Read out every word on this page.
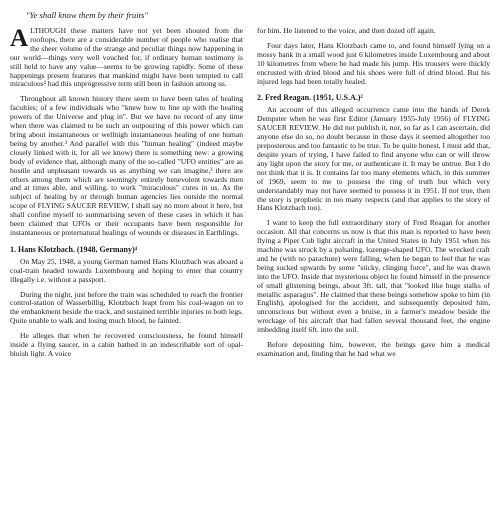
"Ye shall know them by their fruits"

ALTHOUGH these matters have not yet been shouted from the rooftops, there are a considerable number of people who realise that the sheer volume of the strange and peculiar things now happening in our world—things very well vouched for, if ordinary human testimony is still held to have any value—seems to be growing rapidly. Some of these happenings present features that mankind might have been tempted to call miraculous² had this unprogressive term still been in fashion among us.

Throughout all known history there seem to have been tales of healing faculties; of a few individuals who "knew how to line up with the healing powers of the Universe and plug in". But we have no record of any time when there was claimed to be such an outpouring of this power which can bring about instantaneous or wellnigh instantaneous healing of one human being by another.³ And parallel with this "human healing" (indeed maybe closely linked with it, for all we know) there is something new: a growing body of evidence that, although many of the so-called "UFO entities" are as hostile and unpleasant towards us as anything we can imagine,³ there are others among them which are seemingly entirely benevolent towards men and at times able, and willing, to work "miraculous" cures in us. As the subject of healing by or through human agencies lies outside the normal scope of FLYING SAUCER REVIEW, I shall say no more about it here, but shall confine myself to summarising seven of these cases in which it has been claimed that UFOs or their occupants have been responsible for instantaneous or preternatural healings of wounds or diseases in Earthlings.

1. Hans Klotzbach. (1948, Germany)⁴

On May 25, 1948, a young German named Hans Klotzbach was aboard a coal-train headed towards Luxembourg and hoping to enter that country illegally i.e. without a passport.

During the night, just before the train was scheduled to reach the frontier control-station of Wasserbillig, Klotzbach leapt from his coal-wagon on to the embankment beside the track, and sustained terrible injuries to both legs. Quite unable to walk and losing much blood, he fainted.

He alleges that when he recovered consciousness, he found himself inside a flying saucer, in a cabin bathed in an indescribable sort of opal-bluish light. A voice

for him. He listened to the voice, and then dozed off again.

Four days later, Hans Klotzbach came to, and found himself lying on a mossy bank in a small wood just 6 kilometres inside Luxembourg and about 10 kilometres from where he had made his jump. His trousers were thickly encrusted with dried blood and his shoes were full of dried blood. But his injured legs had been totally healed.

2. Fred Reagan. (1951, U.S.A.)²

An account of this alleged occurrence came into the hands of Derek Dempster when he was first Editor (January 1955-July 1956) of FLYING SAUCER REVIEW. He did not publish it, nor, so far as I can ascertain, did anyone else do so, no doubt because in those days it seemed altogether too preposterous and too fantastic to be true. To be quite honest, I must add that, despite years of trying, I have failed to find anyone who can or will throw any light upon the story for me, or authenticate it. It may be untrue. But I do not think that it is. It contains far too many elements which, in this summer of 1969, seem to me to possess the ring of truth but which very understandably may not have seemed to possess it in 1951. If not true, then the story is prophetic in too many respects (and that applies to the story of Hans Klotzbach too).

I want to keep the full extraordinary story of Fred Reagan for another occasion. All that concerns us now is that this man is reported to have been flying a Piper Cub light aircraft in the United States in July 1951 when his machine was struck by a pulsating, lozenge-shaped UFO. The wrecked craft and he (with no parachute) were falling, when he began to feel that he was being sucked upwards by some "sticky, clinging force", and he was drawn into the UFO. Inside that mysterious object he found himself in the presence of small glistening beings, about 3ft. tall, that "looked like huge stalks of metallic asparagus". He claimed that these beings somehow spoke to him (in English), apologised for the accident, and subsequently deposited him, unconscious but without even a bruise, in a farmer's meadow beside the wreckage of his aircraft that had fallen several thousand feet, the engine imbedding itself 6ft. into the soil.

Before depositing him, however, the beings gave him a medical examination and, finding that he had what we
